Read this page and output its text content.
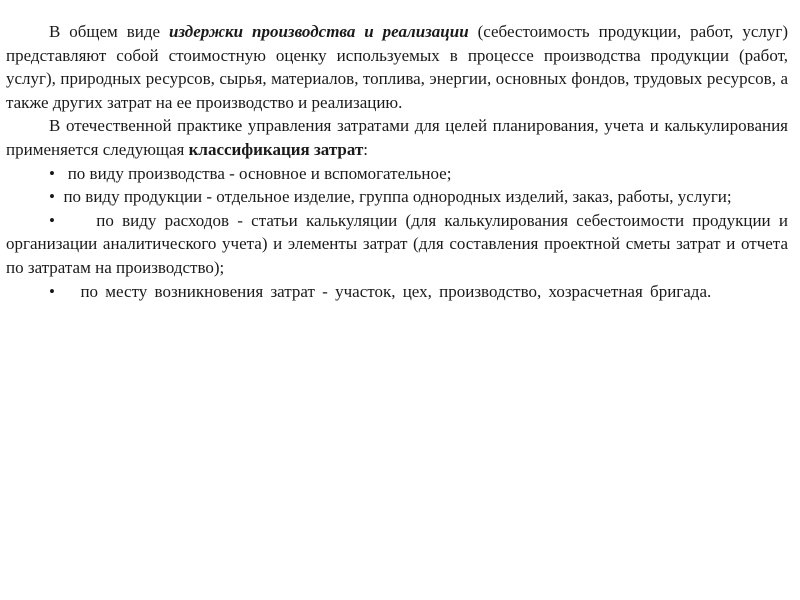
В общем виде издержки производства и реализации (себестоимость продукции, работ, услуг) представляют собой стоимостную оценку используемых в процессе производства продукции (работ, услуг), природных ресурсов, сырья, материалов, топлива, энергии, основных фондов, трудовых ресурсов, а также других затрат на ее производство и реализацию.

В отечественной практике управления затратами для целей планирования, учета и калькулирования применяется следующая классификация затрат:

• по виду производства - основное и вспомогательное;

• по виду продукции - отдельное изделие, группа однородных изделий, заказ, работы, услуги;

• по виду расходов - статьи калькуляции (для калькулирования себестоимости продукции и организации аналитического учета) и элементы затрат (для составления проектной сметы затрат и отчета по затратам на производство);

• по месту возникновения затрат - участок, цех, производство, хозрасчетная бригада.
